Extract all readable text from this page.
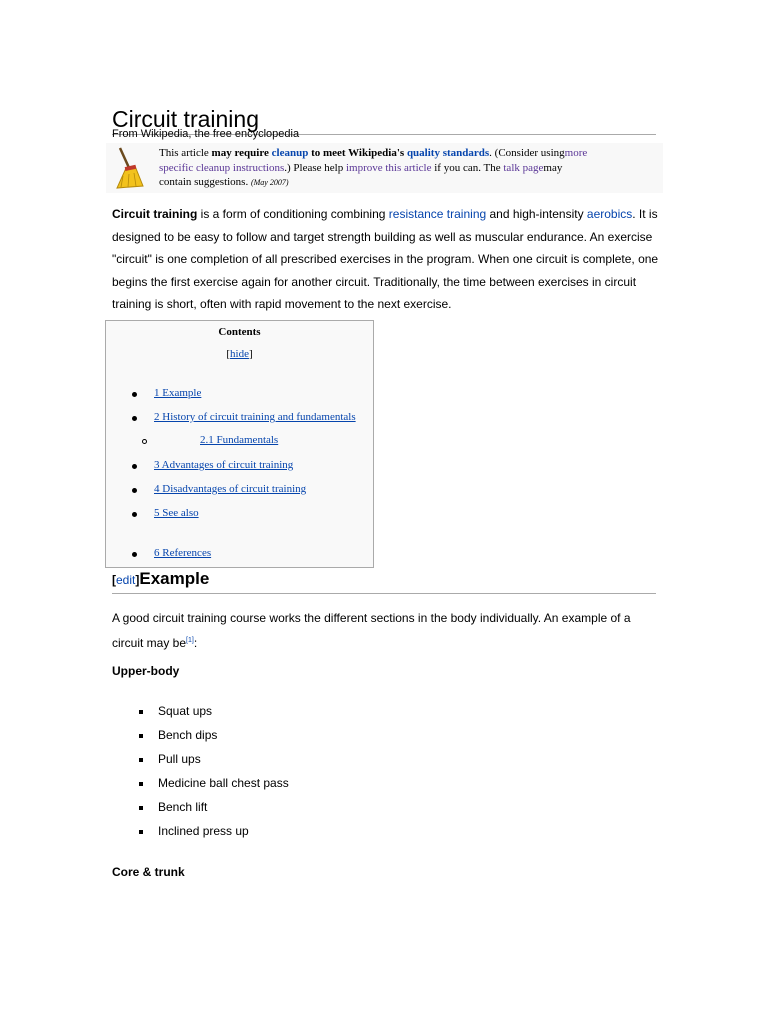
Circuit training
From Wikipedia, the free encyclopedia
This article may require cleanup to meet Wikipedia's quality standards. (Consider usingmore
specific cleanup instructions.) Please help improve this article if you can. The talk pagemay
contain suggestions. (May 2007)

Circuit training is a form of conditioning combining resistance training and high-intensity aerobics. It is designed to be easy to follow and target strength building as well as muscular endurance. An exercise "circuit" is one completion of all prescribed exercises in the program. When one circuit is complete, one begins the first exercise again for another circuit. Traditionally, the time between exercises in circuit training is short, often with rapid movement to the next exercise.

Contents
[hide]
1 Example
2 History of circuit training and fundamentals
2.1 Fundamentals
3 Advantages of circuit training
4 Disadvantages of circuit training
5 See also
6 References
[edit]Example

A good circuit training course works the different sections in the body individually. An example of a circuit may be[1]:

Upper-body
Squat ups
Bench dips
Pull ups
Medicine ball chest pass
Bench lift
Inclined press up
Core & trunk
